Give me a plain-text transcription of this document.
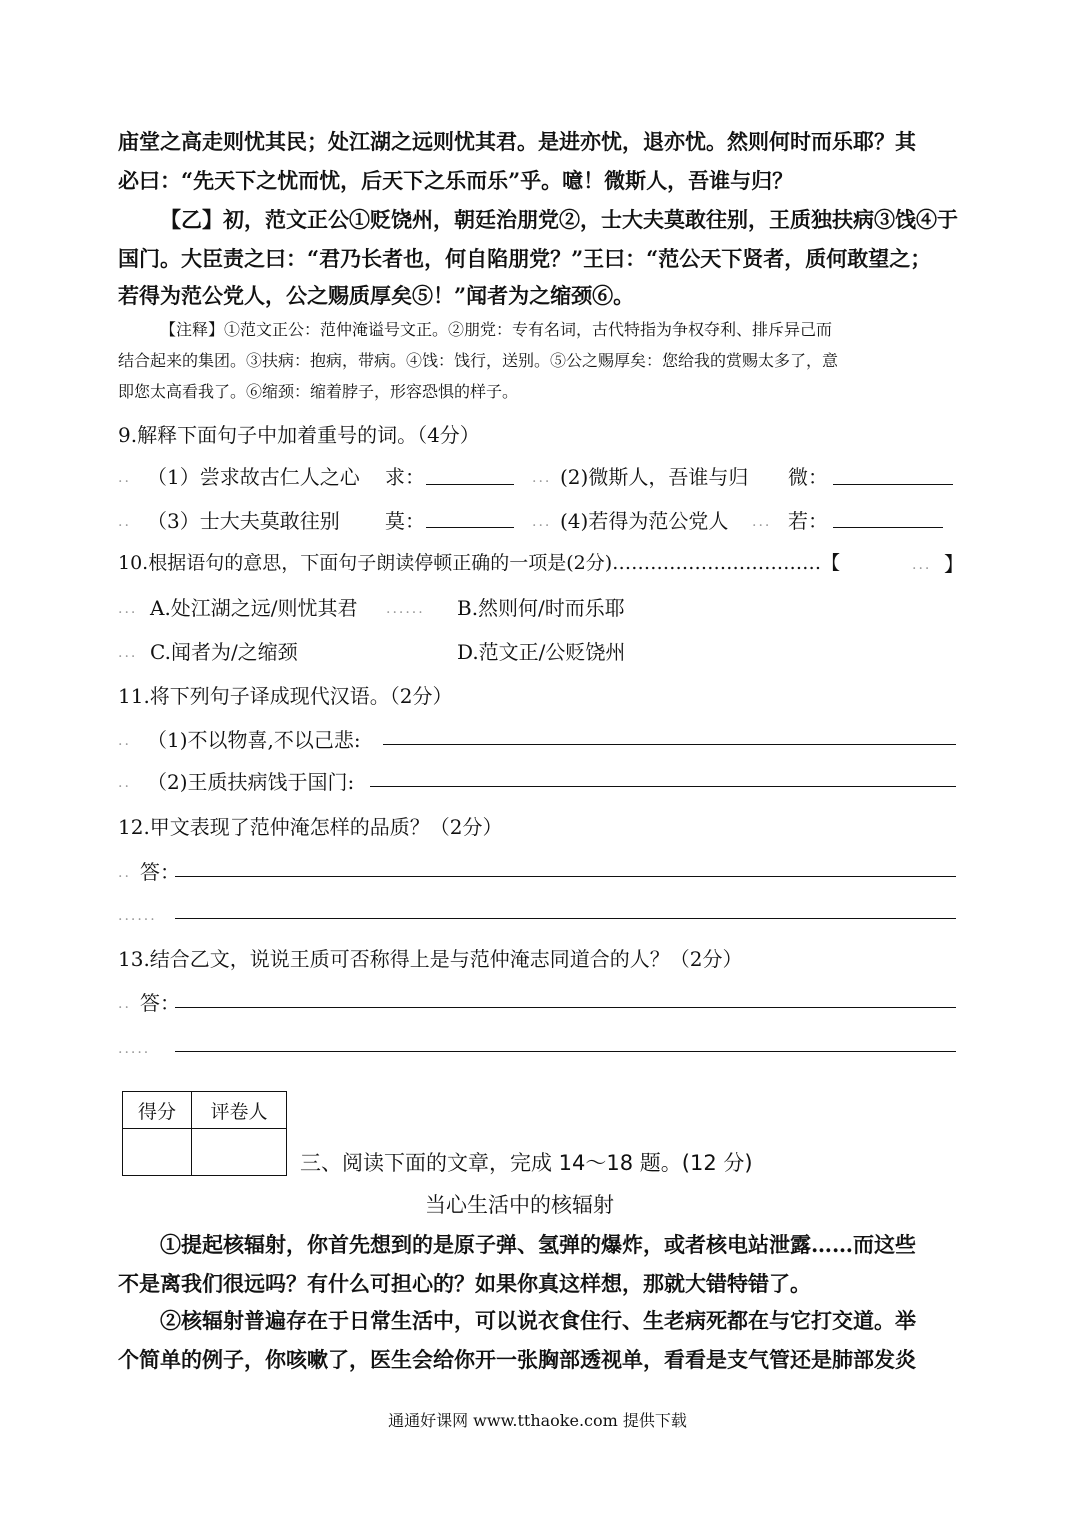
庙堂之高走则忧其民；处江湖之远则忧其君。是进亦忧，退亦忧。然则何时而乐耶？其
必曰：“先天下之忧而忧，后天下之乐而乐”乎。噫！微斯人，吾谁与归？
【乙】初，范文正公①贬饶州，朝廷治朋党②，士大夫莫敢往别，王质独扶病③饯④于
国门。大臣责之曰：“君乃长者也，何自陷朋党？”王曰：“范公天下贤者，质何敢望之；
若得为范公党人，公之赐质厚矣⑤！”闻者为之缩颈⑥。
【注释】①范文正公：范仲淹谥号文正。②朋党：专有名词，古代特指为争权夺利、排斥异己而
结合起来的集团。③扶病：抱病，带病。④饯：饯行，送别。⑤公之赐厚矣：您给我的赏赐太多了，意
即您太高看我了。⑥缩颈：缩着脖子，形容恐惧的样子。
9.解释下面句子中加着重号的词。（4分）
.. （1）尝求故古仁人之心 求：	... (2)微斯人，吾谁与归 微：
.. （3）士大夫莫敢往别 莫：	... (4)若得为范公党人 ... 若：
10.根据语句的意思，下面句子朗读停顿正确的一项是(2分)……………………………【	... 】
... A.处江湖之远/则忧其君 ...... B.然则何/时而乐耶
... C.闻者为/之缩颈	D.范文正/公贬饶州
11.将下列句子译成现代汉语。（2分）
.. （1)不以物喜,不以己悲:
.. （2)王质扶病饯于国门:
12.甲文表现了范仲淹怎样的品质？（2分）
.. 答：
......
13.结合乙文，说说王质可否称得上是与范仲淹志同道合的人？（2分）
.. 答：
.....
得分	评卷人

三、阅读下面的文章，完成 14～18 题。(12 分)
当心生活中的核辐射
①提起核辐射，你首先想到的是原子弹、氢弹的爆炸，或者核电站泄露……而这些
不是离我们很远吗？有什么可担心的？如果你真这样想，那就大错特错了。
②核辐射普遍存在于日常生活中，可以说衣食住行、生老病死都在与它打交道。举
个简单的例子，你咳嗽了，医生会给你开一张胸部透视单，看看是支气管还是肺部发炎
通通好课网 www.tthaoke.com 提供下载
